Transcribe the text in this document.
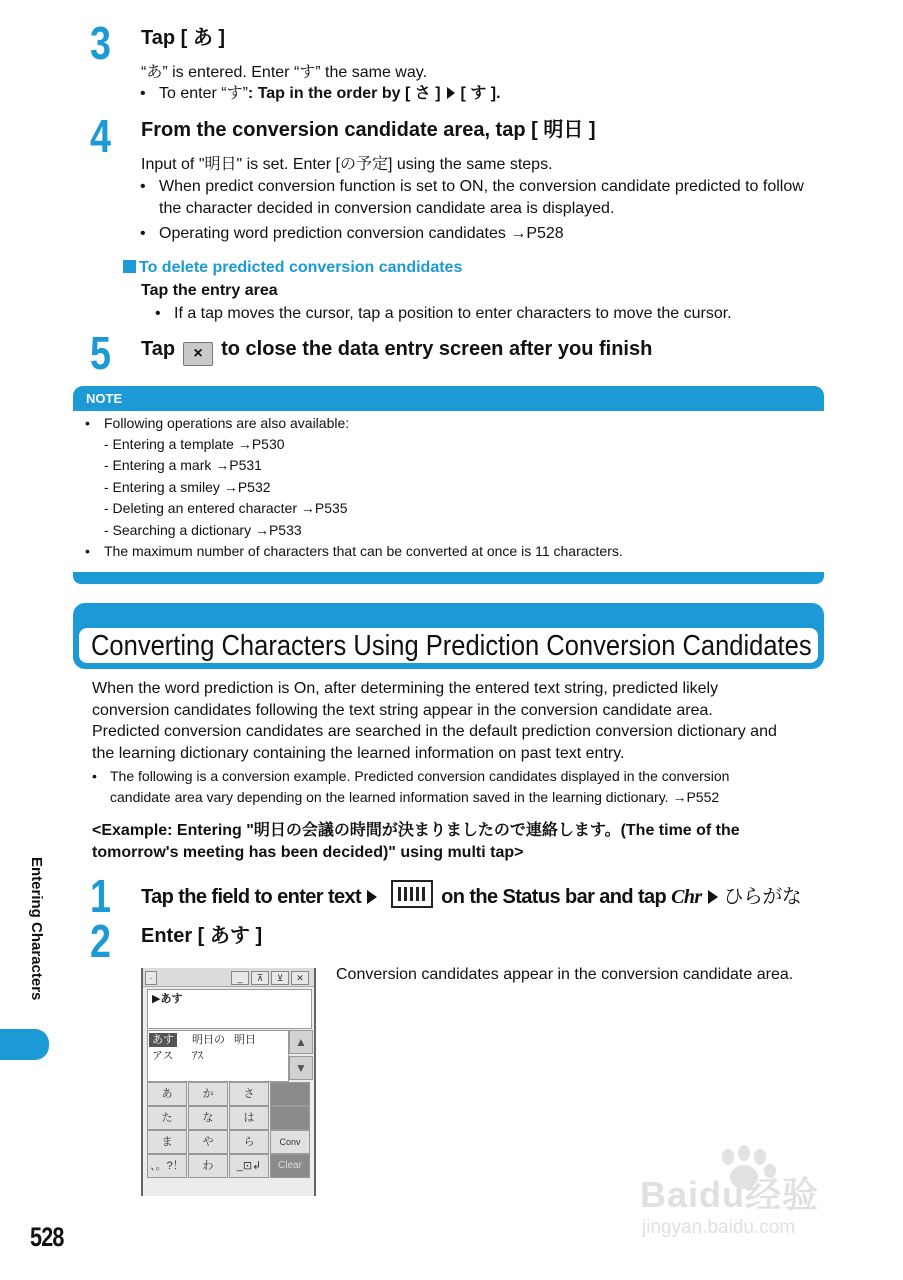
3 Tap [ あ ]
“あ” is entered. Enter “す” the same way.
• To enter “す”: Tap in the order by [ さ ] [ す ].
4 From the conversion candidate area, tap [ 明日 ]
Input of "明日" is set. Enter [の予定] using the same steps.
• When predict conversion function is set to ON, the conversion candidate predicted to follow the character decided in conversion candidate area is displayed.
• Operating word prediction conversion candidates →P528
To delete predicted conversion candidates
Tap the entry area
• If a tap moves the cursor, tap a position to enter characters to move the cursor.
5 Tap × to close the data entry screen after you finish
NOTE
• Following operations are also available:
- Entering a template →P530
- Entering a mark →P531
- Entering a smiley →P532
- Deleting an entered character →P535
- Searching a dictionary →P533
• The maximum number of characters that can be converted at once is 11 characters.
Converting Characters Using Prediction Conversion Candidates
When the word prediction is On, after determining the entered text string, predicted likely
conversion candidates following the text string appear in the conversion candidate area.
Predicted conversion candidates are searched in the default prediction conversion dictionary and
the learning dictionary containing the learned information on past text entry.
• The following is a conversion example. Predicted conversion candidates displayed in the conversion
candidate area vary depending on the learned information saved in the learning dictionary. →P552
<Example: Entering "明日の会議の時間が決まりましたので連絡します。(The time of the
tomorrow's meeting has been decided)" using multi tap>
1 Tap the field to enter text	on the Status bar and tap Chr ひらがな
2 Enter [ あす ]
Conversion candidates appear in the conversion candidate area.
·	_	⊼	⊻	✕
▶あす
あす 明日の 明日
アス ｱｽ
▲
▼
あ	か	さ
た	な	は
ま	や	ら	Conv
、。?！	わ	_⊡↲	Clear
Entering Characters
528
Baidu经验
jingyan.baidu.com
